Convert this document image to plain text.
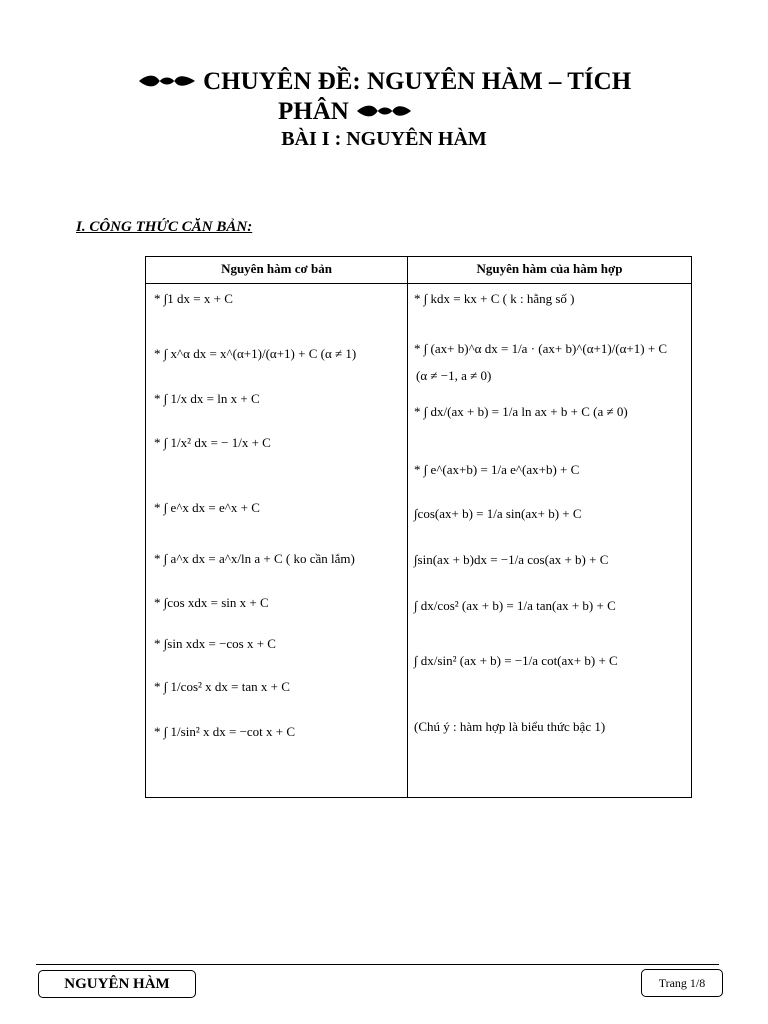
CHUYÊN ĐỀ: NGUYÊN HÀM – TÍCH
PHÂN
BÀI I : NGUYÊN HÀM
I. CÔNG THỨC CĂN BẢN:
Nguyên hàm cơ bản	Nguyên hàm của hàm hợp
* ∫1 dx = x + C
* ∫ x^α dx = x^(α+1)/(α+1) + C (α ≠ 1)
* ∫ 1/x dx = ln x + C
* ∫ 1/x² dx = − 1/x + C
* ∫ e^x dx = e^x + C
* ∫ a^x dx = a^x/ln a + C ( ko cần lắm)
* ∫cos xdx = sin x + C
* ∫sin xdx = −cos x + C
* ∫ 1/cos² x dx = tan x + C
* ∫ 1/sin² x dx = −cot x + C
* ∫ kdx = kx + C ( k : hằng số )
* ∫ (ax+ b)^α dx = 1/a · (ax+ b)^(α+1)/(α+1) + C
(α ≠ −1, a ≠ 0)
* ∫ dx/(ax + b) = 1/a ln ax + b + C (a ≠ 0)
* ∫ e^(ax+b) = 1/a e^(ax+b) + C
∫cos(ax+ b) = 1/a sin(ax+ b) + C
∫sin(ax + b)dx = −1/a cos(ax + b) + C
∫ dx/cos² (ax + b) = 1/a tan(ax + b) + C
∫ dx/sin² (ax + b) = −1/a cot(ax+ b) + C
(Chú ý : hàm hợp là biểu thức bậc 1)
NGUYÊN HÀM	Trang 1/8
